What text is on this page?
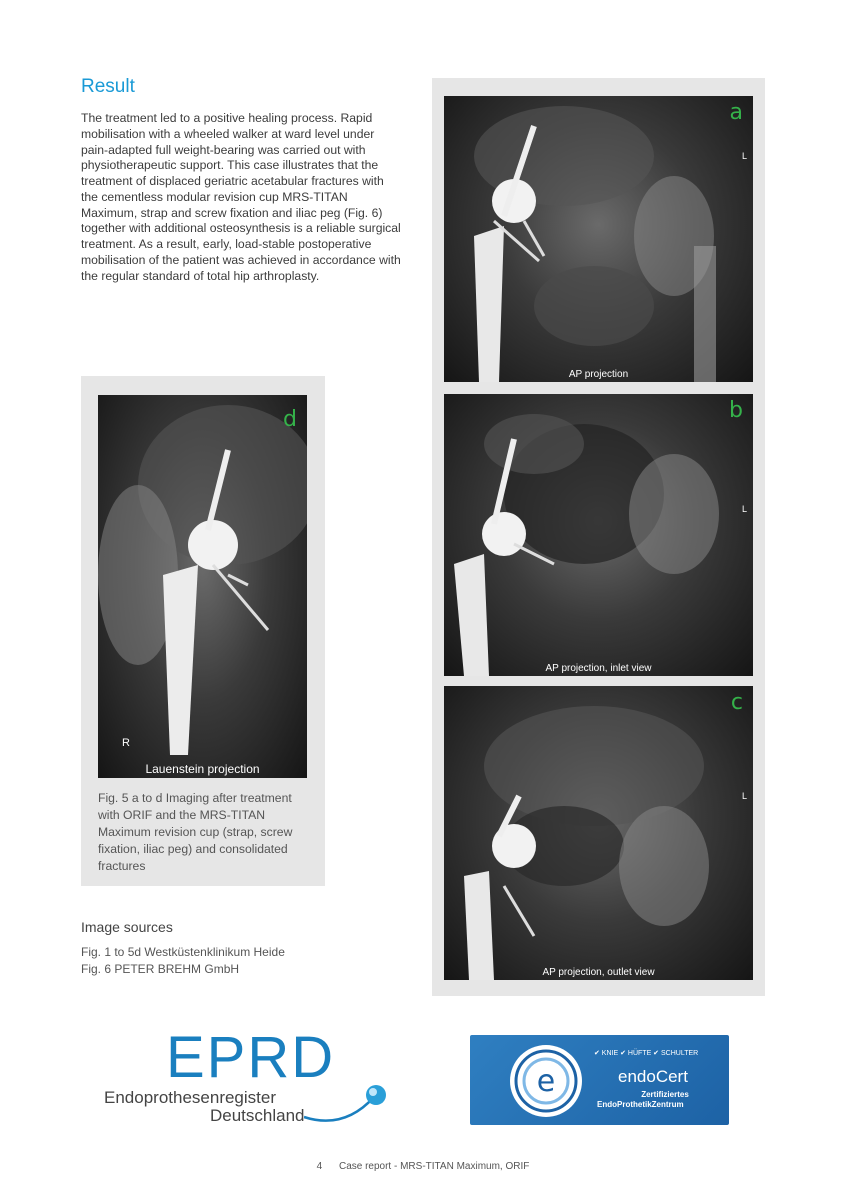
Result

The treatment led to a positive healing process. Rapid mobilisation with a wheeled walker at ward level under pain-adapted full weight-bearing was carried out with physiotherapeutic support. This case illustrates that the treatment of displaced geriatric acetabular fractures with the cementless modular revision cup MRS-TITAN Maximum, strap and screw fixation and iliac peg (Fig. 6) together with additional osteosynthesis is a reliable surgical treatment. As a result, early, load-stable postoperative mobilisation of the patient was achieved in accordance with the regular standard of total hip arthroplasty.

a
L
AP projection
b
L
AP projection, inlet view
c
L
AP projection, outlet view
d
R
Lauenstein projection
Fig. 5 a to d Imaging after treatment with ORIF and the MRS-TITAN Maximum revision cup (strap, screw fixation, iliac peg) and consolidated fractures
Image sources
Fig. 1 to 5d Westküstenklinikum Heide
Fig. 6 PETER BREHM GmbH
EPRD
Endoprothesenregister
Deutschland
e
✔ KNIE ✔ HÜFTE ✔ SCHULTER
endoCert
Zertifiziertes
EndoProthetikZentrum
4 Case report - MRS-TITAN Maximum, ORIF
